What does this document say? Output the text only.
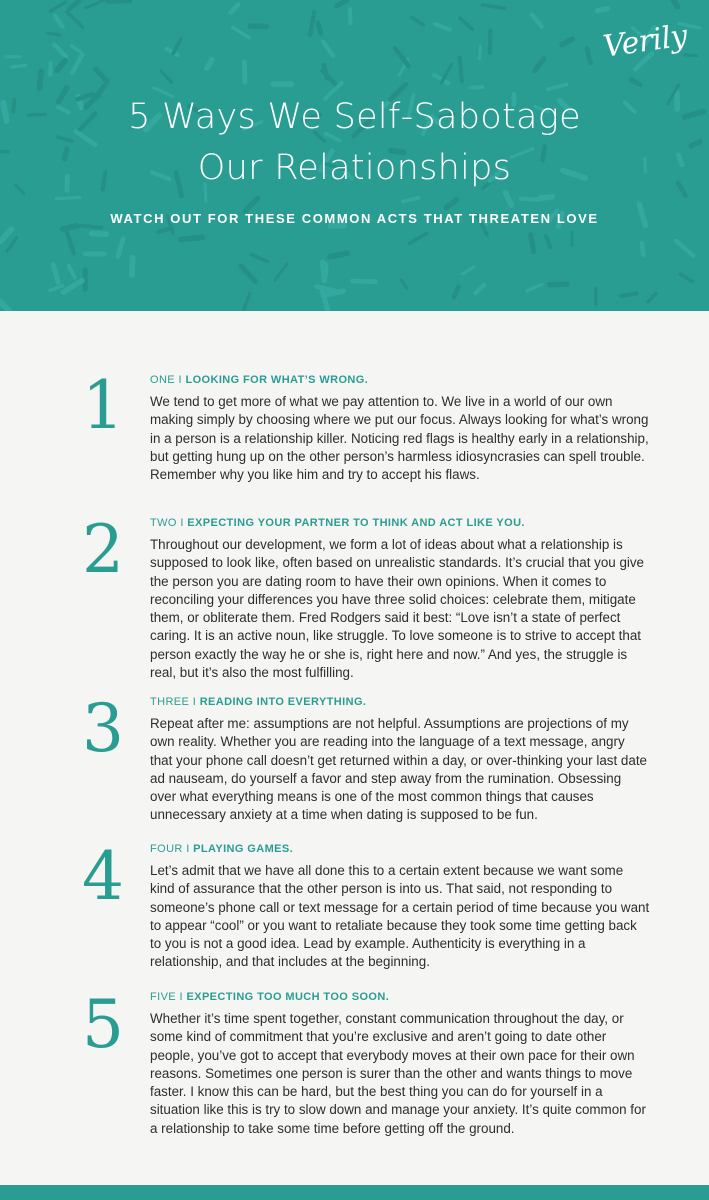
Verily
5 Ways We Self-Sabotage
Our Relationships
WATCH OUT FOR THESE COMMON ACTS THAT THREATEN LOVE
1	ONE I LOOKING FOR WHAT’S WRONG.
We tend to get more of what we pay attention to. We live in a world of our own making simply by choosing where we put our focus. Always looking for what’s wrong in a person is a relationship killer. Noticing red flags is healthy early in a relationship, but getting hung up on the other person’s harmless idiosyncrasies can spell trouble. Remember why you like him and try to accept his flaws.
2	TWO I EXPECTING YOUR PARTNER TO THINK AND ACT LIKE YOU.
Throughout our development, we form a lot of ideas about what a relationship is supposed to look like, often based on unrealistic standards. It’s crucial that you give the person you are dating room to have their own opinions. When it comes to reconciling your differences you have three solid choices: celebrate them, mitigate them, or obliterate them. Fred Rodgers said it best: “Love isn’t a state of perfect caring. It is an active noun, like struggle. To love someone is to strive to accept that person exactly the way he or she is, right here and now.” And yes, the struggle is real, but it’s also the most fulfilling.
3	THREE I READING INTO EVERYTHING.
Repeat after me: assumptions are not helpful. Assumptions are projections of my own reality. Whether you are reading into the language of a text message, angry that your phone call doesn’t get returned within a day, or over-thinking your last date ad nauseam, do yourself a favor and step away from the rumination. Obsessing over what everything means is one of the most common things that causes unnecessary anxiety at a time when dating is supposed to be fun.
4	FOUR I PLAYING GAMES.
Let’s admit that we have all done this to a certain extent because we want some kind of assurance that the other person is into us. That said, not responding to someone’s phone call or text message for a certain period of time because you want to appear “cool” or you want to retaliate because they took some time getting back to you is not a good idea. Lead by example. Authenticity is everything in a relationship, and that includes at the beginning.
5	FIVE I EXPECTING TOO MUCH TOO SOON.
Whether it’s time spent together, constant communication throughout the day, or some kind of commitment that you’re exclusive and aren’t going to date other people, you’ve got to accept that everybody moves at their own pace for their own reasons. Sometimes one person is surer than the other and wants things to move faster. I know this can be hard, but the best thing you can do for yourself in a situation like this is try to slow down and manage your anxiety. It’s quite common for a relationship to take some time before getting off the ground.
